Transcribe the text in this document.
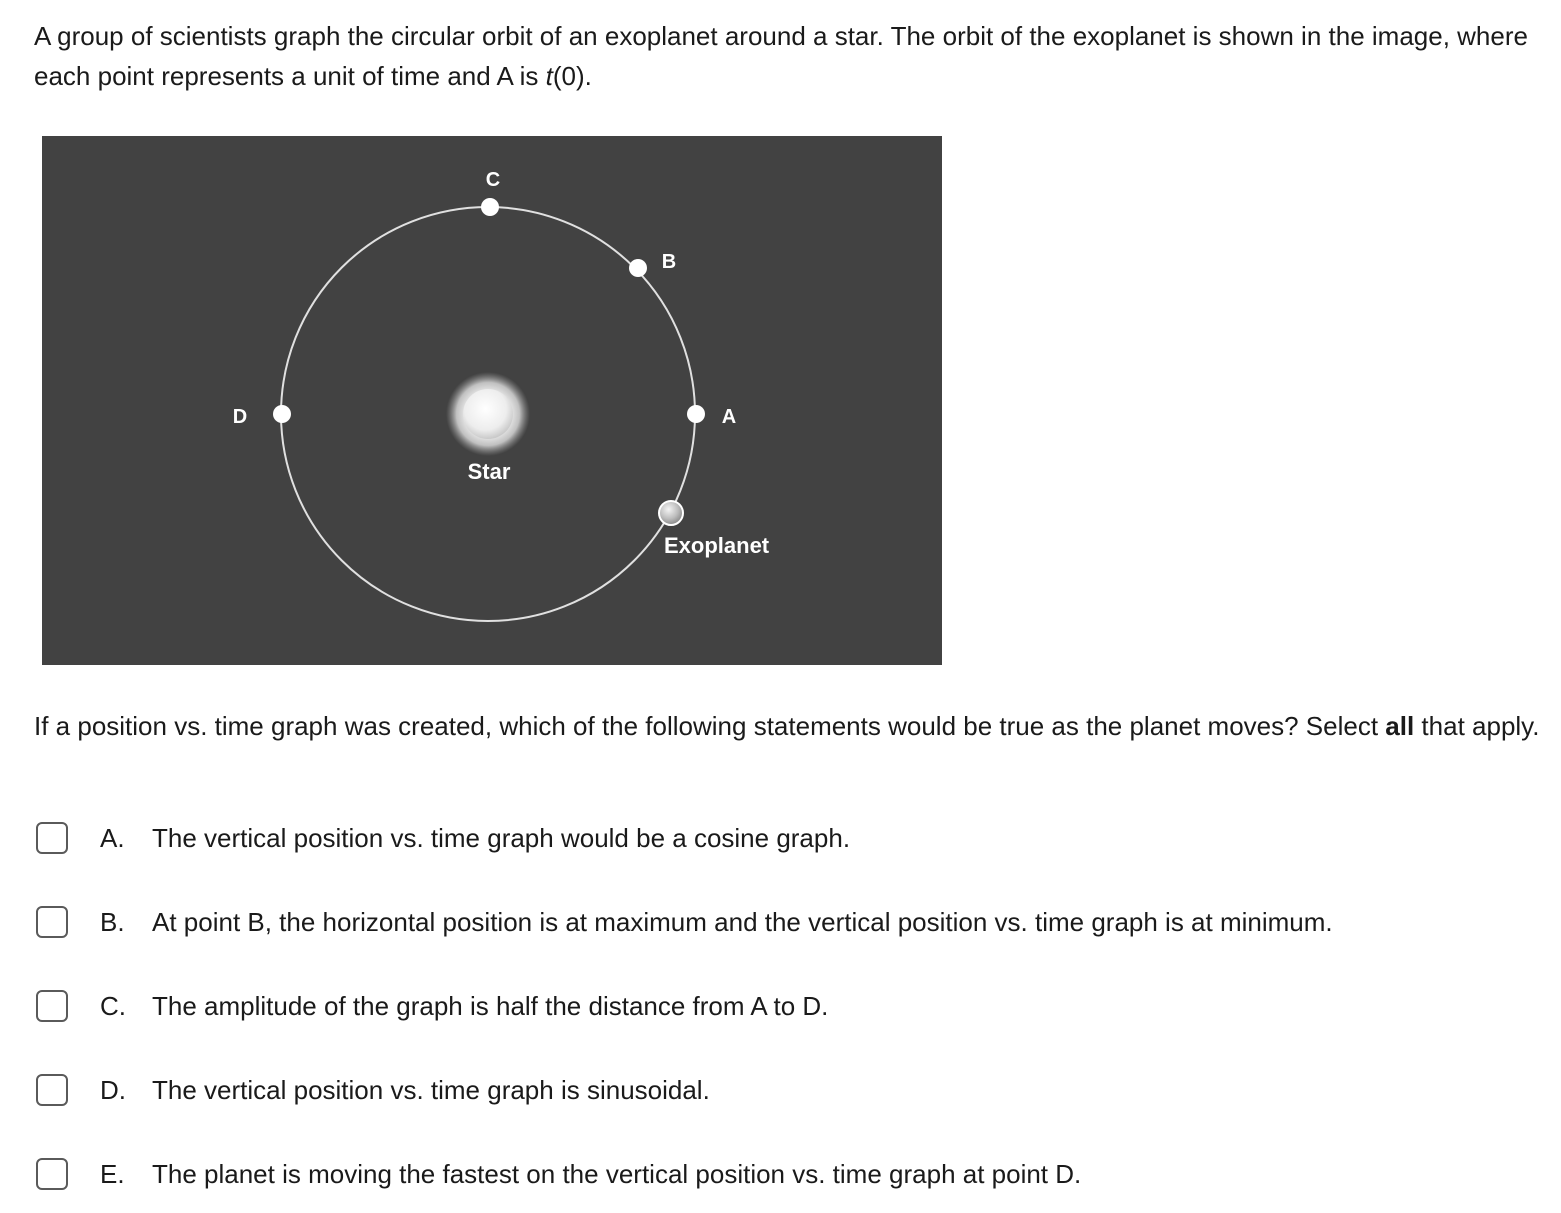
A group of scientists graph the circular orbit of an exoplanet around a star. The orbit of the exoplanet is shown in the image, where each point represents a unit of time and A is t(0).
C
B
D	A
Star
Exoplanet
If a position vs. time graph was created, which of the following statements would be true as the planet moves? Select all that apply.
A. The vertical position vs. time graph would be a cosine graph.
B. At point B, the horizontal position is at maximum and the vertical position vs. time graph is at minimum.
C. The amplitude of the graph is half the distance from A to D.
D. The vertical position vs. time graph is sinusoidal.
E. The planet is moving the fastest on the vertical position vs. time graph at point D.
